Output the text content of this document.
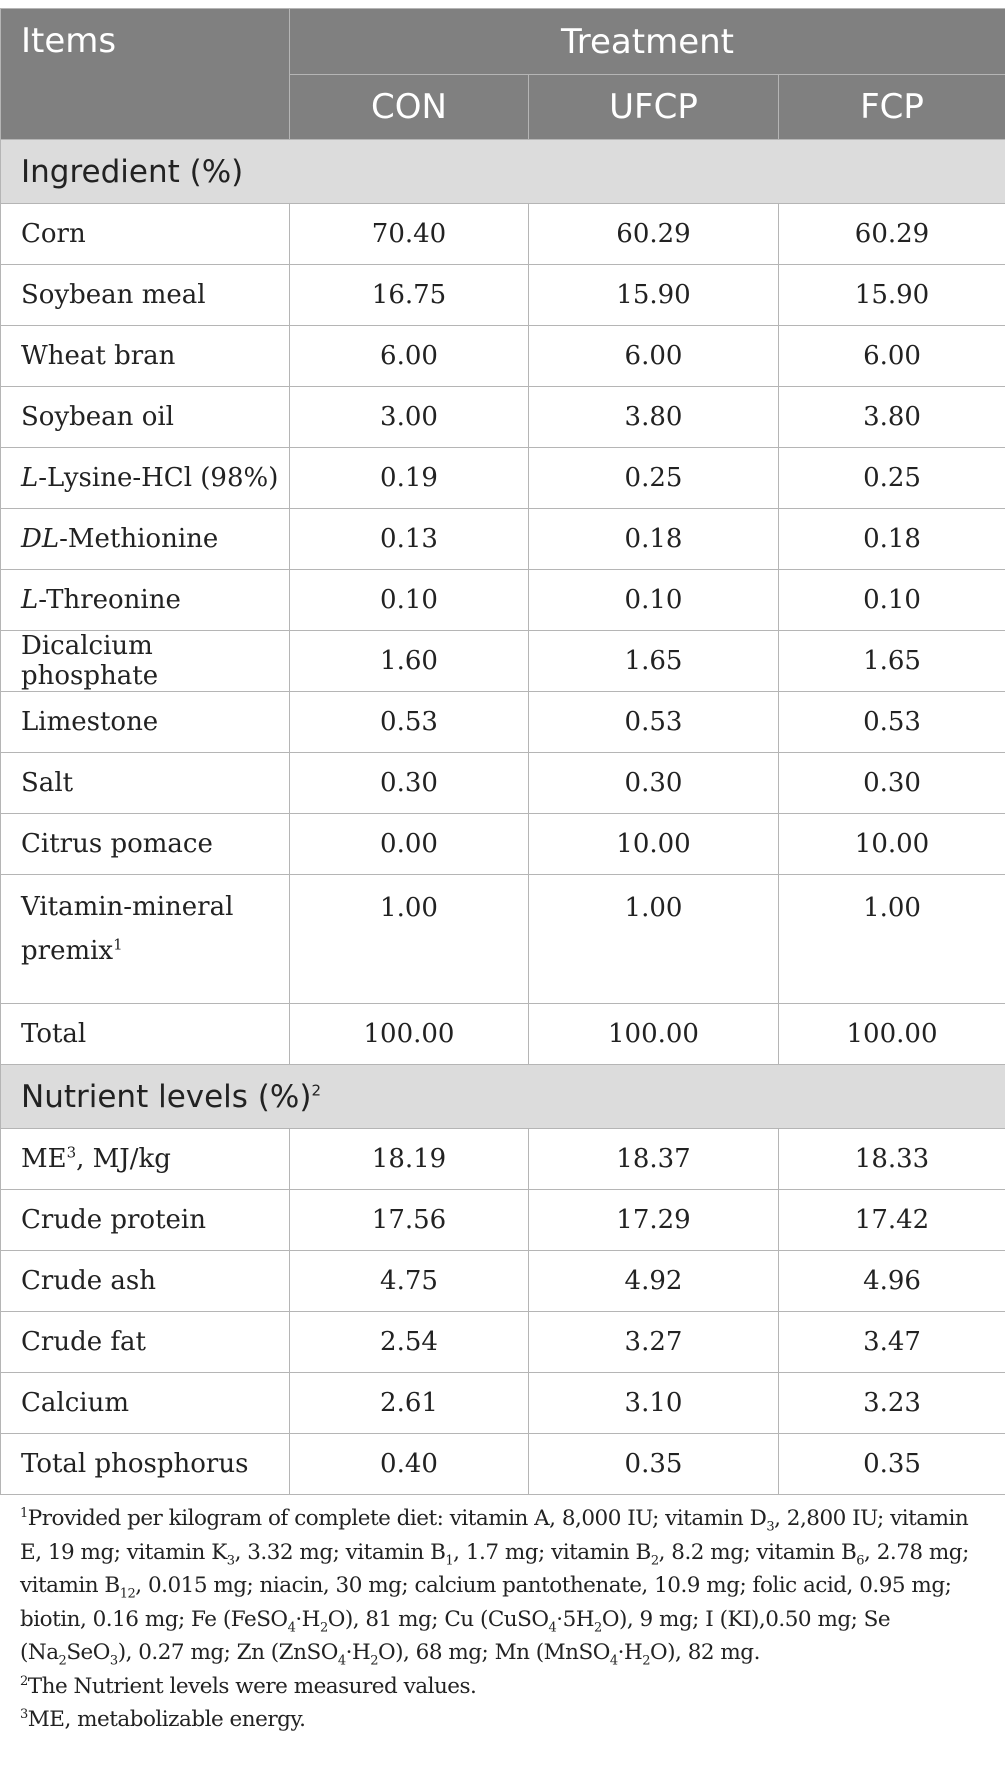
Items	Treatment		
	CON	UFCP	FCP
Ingredient (%)			
Corn	70.40	60.29	60.29
Soybean meal	16.75	15.90	15.90
Wheat bran	6.00	6.00	6.00
Soybean oil	3.00	3.80	3.80
L-Lysine-HCl (98%)	0.19	0.25	0.25
DL-Methionine	0.13	0.18	0.18
L-Threonine	0.10	0.10	0.10
Dicalcium phosphate	1.60	1.65	1.65
Limestone	0.53	0.53	0.53
Salt	0.30	0.30	0.30
Citrus pomace	0.00	10.00	10.00
Vitamin-mineral
premix$^1$	1.00	1.00	1.00
Total	100.00	100.00	100.00
Nutrient levels (%)$^2$
ME$^3$, MJ/kg	18.19	18.37	18.33
Crude protein	17.56	17.29	17.42
Crude ash	4.75	4.92	4.96
Crude fat	2.54	3.27	3.47
Calcium	2.61	3.10	3.23
Total phosphorus	0.40	0.35	0.35

$^1$Provided per kilogram of complete diet: vitamin A, 8,000 IU; vitamin $D_3$, 2,800 IU; vitamin E, 19 mg; vitamin $K_3$, 3.32 mg; vitamin $B_1$, 1.7 mg; vitamin $B_2$, 8.2 mg; vitamin $B_6$, 2.78 mg; vitamin $B_{12}$, 0.015 mg; niacin, 30 mg; calcium pantothenate, 10.9 mg; folic acid, 0.95 mg; biotin, 0.16 mg; Fe $(FeSO_4\cdot H_2O)$, 81 mg; Cu $(CuSO_4\cdot 5H_2O)$, 9 mg; I (KI),0.50 mg; Se $(Na_2SeO_3)$, 0.27 mg; Zn $(ZnSO_4\cdot H_2O)$, 68 mg; Mn $(MnSO_4\cdot H_2O)$, 82 mg.

$^2$The Nutrient levels were measured values.

$^3$ME, metabolizable energy.
